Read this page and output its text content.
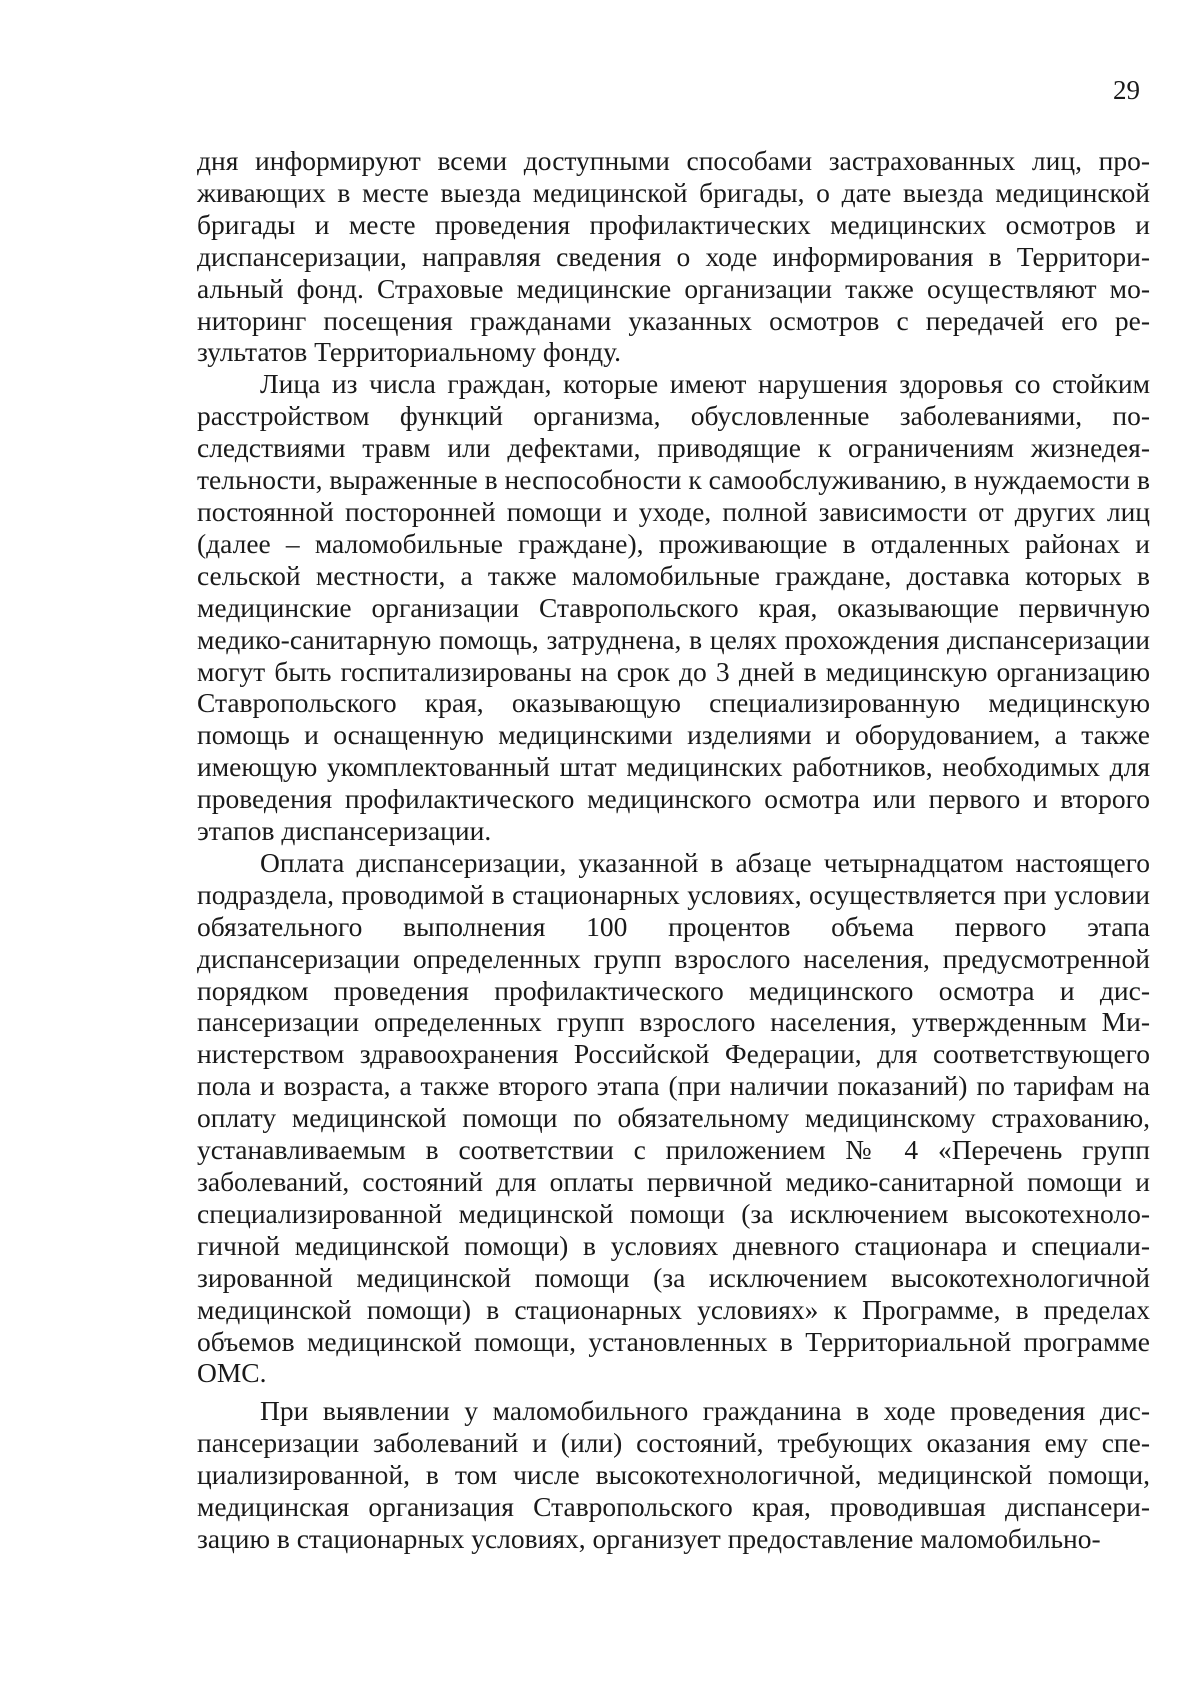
29

дня информируют всеми доступными способами застрахованных лиц, проживающих в месте выезда медицинской бригады, о дате выезда медицинской бригады и месте проведения профилактических медицинских осмотров и диспансеризации, направляя сведения о ходе информирования в Территориальный фонд. Страховые медицинские организации также осуществляют мониторинг посещения гражданами указанных осмотров с передачей его результатов Территориальному фонду.

Лица из числа граждан, которые имеют нарушения здоровья со стойким расстройством функций организма, обусловленные заболеваниями, последствиями травм или дефектами, приводящие к ограничениям жизнедеятельности, выраженные в неспособности к самообслуживанию, в нуждаемости в постоянной посторонней помощи и уходе, полной зависимости от других лиц (далее – маломобильные граждане), проживающие в отдаленных районах и сельской местности, а также маломобильные граждане, доставка которых в медицинские организации Ставропольского края, оказывающие первичную медико-санитарную помощь, затруднена, в целях прохождения диспансеризации могут быть госпитализированы на срок до 3 дней в медицинскую организацию Ставропольского края, оказывающую специализированную медицинскую помощь и оснащенную медицинскими изделиями и оборудованием, а также имеющую укомплектованный штат медицинских работников, необходимых для проведения профилактического медицинского осмотра или первого и второго этапов диспансеризации.

Оплата диспансеризации, указанной в абзаце четырнадцатом настоящего подраздела, проводимой в стационарных условиях, осуществляется при условии обязательного выполнения 100 процентов объема первого этапа диспансеризации определенных групп взрослого населения, предусмотренной порядком проведения профилактического медицинского осмотра и диспансеризации определенных групп взрослого населения, утвержденным Министерством здравоохранения Российской Федерации, для соответствующего пола и возраста, а также второго этапа (при наличии показаний) по тарифам на оплату медицинской помощи по обязательному медицинскому страхованию, устанавливаемым в соответствии с приложением № 4 «Перечень групп заболеваний, состояний для оплаты первичной медико-санитарной помощи и специализированной медицинской помощи (за исключением высокотехнологичной медицинской помощи) в условиях дневного стационара и специализированной медицинской помощи (за исключением высокотехнологичной медицинской помощи) в стационарных условиях» к Программе, в пределах объемов медицинской помощи, установленных в Территориальной программе ОМС.

При выявлении у маломобильного гражданина в ходе проведения диспансеризации заболеваний и (или) состояний, требующих оказания ему специализированной, в том числе высокотехнологичной, медицинской помощи, медицинская организация Ставропольского края, проводившая диспансеризацию в стационарных условиях, организует предоставление маломобильно-
